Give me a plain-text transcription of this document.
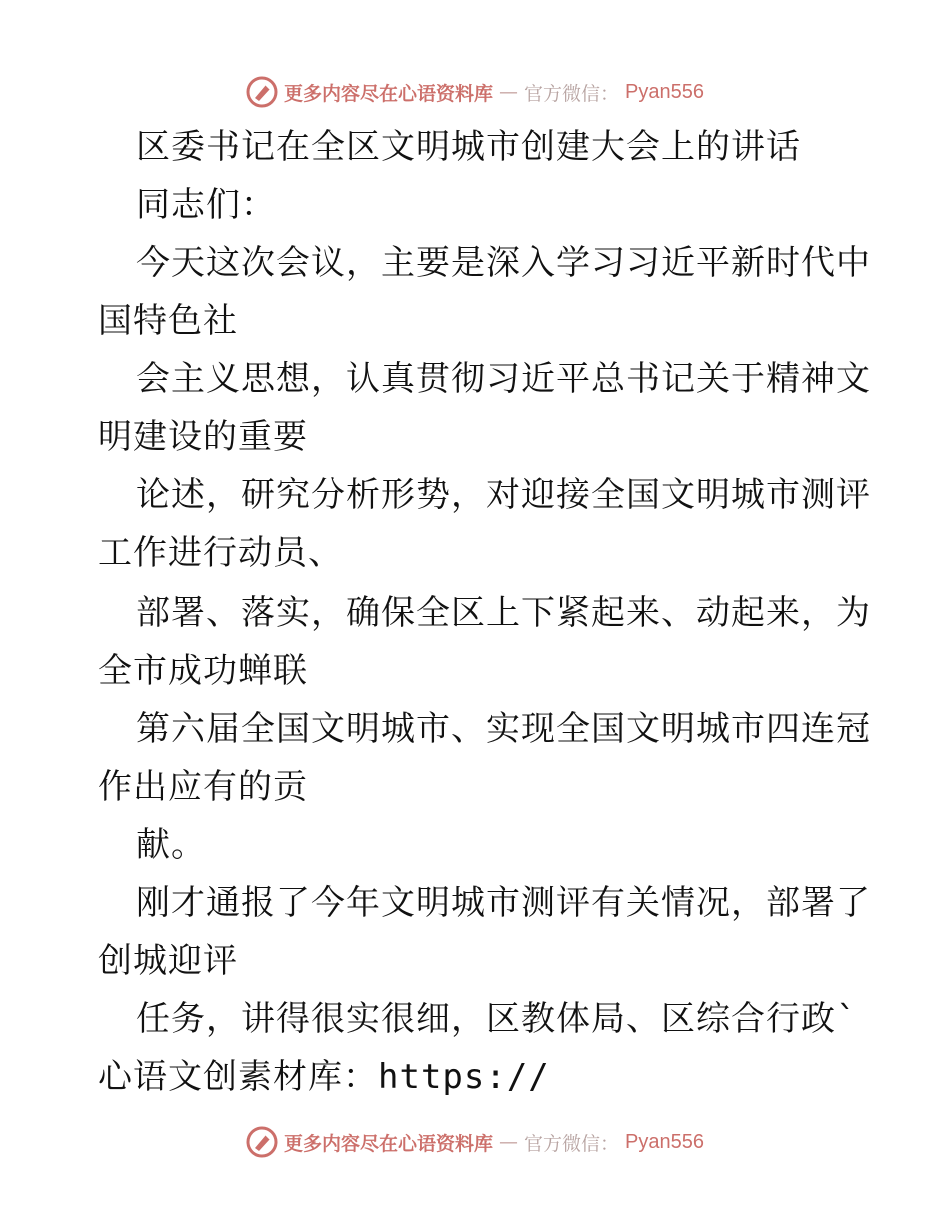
更多内容尽在心语资料库 — 官方微信： Pyan556
区委书记在全区文明城市创建大会上的讲话
同志们：
今天这次会议，主要是深入学习习近平新时代中
国特色社
会主义思想，认真贯彻习近平总书记关于精神文
明建设的重要
论述，研究分析形势，对迎接全国文明城市测评
工作进行动员、
部署、落实，确保全区上下紧起来、动起来，为
全市成功蝉联
第六届全国文明城市、实现全国文明城市四连冠
作出应有的贡
献。
刚才通报了今年文明城市测评有关情况，部署了
创城迎评
任务，讲得很实很细，区教体局、区综合行政`
心语文创素材库：https://
更多内容尽在心语资料库 — 官方微信： Pyan556
